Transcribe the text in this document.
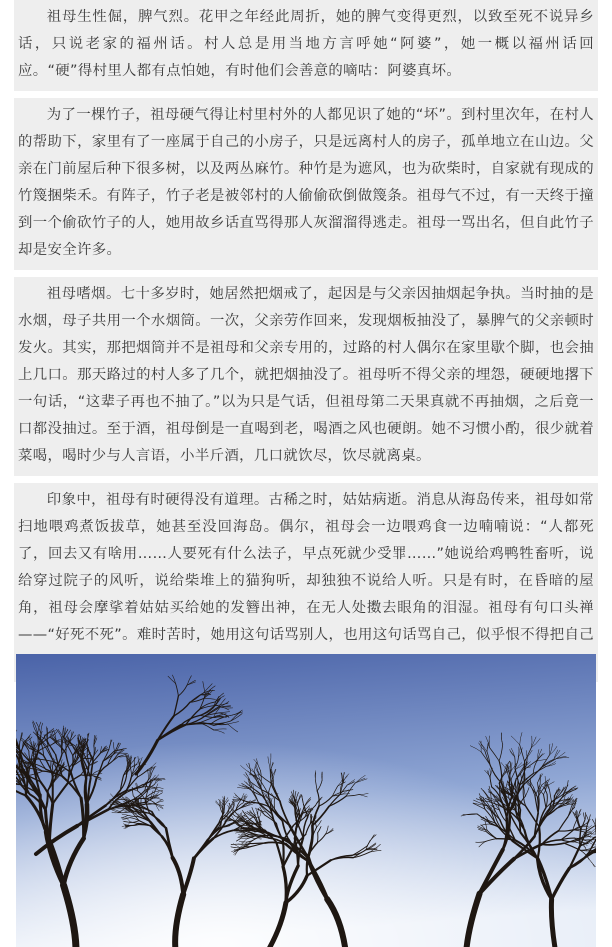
祖母生性倔，脾气烈。花甲之年经此周折，她的脾气变得更烈，以致至死不说异乡话，只说老家的福州话。村人总是用当地方言呼她“阿婆”，她一概以福州话回应。“硬”得村里人都有点怕她，有时他们会善意的嘀咕：阿婆真坏。

为了一棵竹子，祖母硬气得让村里村外的人都见识了她的“坏”。到村里次年，在村人的帮助下，家里有了一座属于自己的小房子，只是远离村人的房子，孤单地立在山边。父亲在门前屋后种下很多树，以及两丛麻竹。种竹是为遮风，也为砍柴时，自家就有现成的竹篾捆柴禾。有阵子，竹子老是被邻村的人偷偷砍倒做篾条。祖母气不过，有一天终于撞到一个偷砍竹子的人，她用故乡话直骂得那人灰溜溜得逃走。祖母一骂出名，但自此竹子却是安全许多。

祖母嗜烟。七十多岁时，她居然把烟戒了，起因是与父亲因抽烟起争执。当时抽的是水烟，母子共用一个水烟筒。一次，父亲劳作回来，发现烟板抽没了，暴脾气的父亲顿时发火。其实，那把烟筒并不是祖母和父亲专用的，过路的村人偶尔在家里歇个脚，也会抽上几口。那天路过的村人多了几个，就把烟抽没了。祖母听不得父亲的埋怨，硬硬地撂下一句话，“这辈子再也不抽了。”以为只是气话，但祖母第二天果真就不再抽烟，之后竟一口都没抽过。至于酒，祖母倒是一直喝到老，喝酒之风也硬朗。她不习惯小酌，很少就着菜喝，喝时少与人言语，小半斤酒，几口就饮尽，饮尽就离桌。

印象中，祖母有时硬得没有道理。古稀之时，姑姑病逝。消息从海岛传来，祖母如常扫地喂鸡煮饭拔草，她甚至没回海岛。偶尔，祖母会一边喂鸡食一边喃喃说：“人都死了，回去又有啥用……人要死有什么法子，早点死就少受罪……”她说给鸡鸭牲畜听，说给穿过院子的风听，说给柴堆上的猫狗听，却独独不说给人听。只是有时，在昏暗的屋角，祖母会摩挲着姑姑买给她的发簪出神，在无人处擞去眼角的泪湿。祖母有句口头禅——“好死不死”。难时苦时，她用这句话骂别人，也用这句话骂自己，似乎恨不得把自己
